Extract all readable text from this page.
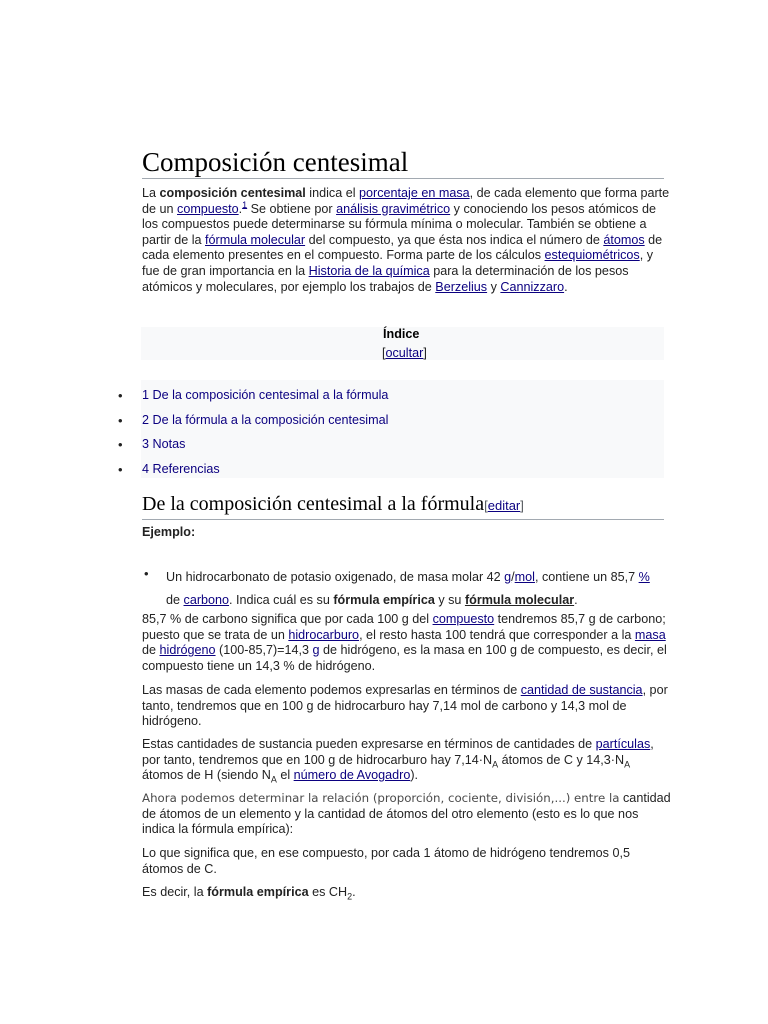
Composición centesimal
La composición centesimal indica el porcentaje en masa, de cada elemento que forma parte de un compuesto.$^1$ Se obtiene por análisis gravimétrico y conociendo los pesos atómicos de los compuestos puede determinarse su fórmula mínima o molecular. También se obtiene a partir de la fórmula molecular del compuesto, ya que ésta nos indica el número de átomos de cada elemento presentes en el compuesto. Forma parte de los cálculos estequiométricos, y fue de gran importancia en la Historia de la química para la determinación de los pesos atómicos y moleculares, por ejemplo los trabajos de Berzelius y Cannizzaro.
Índice
[ocultar]
• 1 De la composición centesimal a la fórmula
• 2 De la fórmula a la composición centesimal
• 3 Notas
• 4 Referencias
De la composición centesimal a la fórmula[editar]
Ejemplo:
• Un hidrocarbonato de potasio oxigenado, de masa molar 42 g/mol, contiene un 85,7 % de carbono. Indica cuál es su fórmula empírica y su fórmula molecular.
85,7 % de carbono significa que por cada 100 g del compuesto tendremos 85,7 g de carbono; puesto que se trata de un hidrocarburo, el resto hasta 100 tendrá que corresponder a la masa de hidrógeno (100-85,7)=14,3 g de hidrógeno, es la masa en 100 g de compuesto, es decir, el compuesto tiene un 14,3 % de hidrógeno.
Las masas de cada elemento podemos expresarlas en términos de cantidad de sustancia, por tanto, tendremos que en 100 g de hidrocarburo hay 7,14 mol de carbono y 14,3 mol de hidrógeno.
Estas cantidades de sustancia pueden expresarse en términos de cantidades de partículas, por tanto, tendremos que en 100 g de hidrocarburo hay $7,14\cdot N_A$ átomos de C y $14,3\cdot N_A$ átomos de H (siendo $N_A$ el número de Avogadro).
Ahora podemos determinar la relación (proporción, cociente, división,...) entre la cantidad de átomos de un elemento y la cantidad de átomos del otro elemento (esto es lo que nos indica la fórmula empírica):
Lo que significa que, en ese compuesto, por cada 1 átomo de hidrógeno tendremos 0,5 átomos de C.
Es decir, la fórmula empírica es $CH_2$.
